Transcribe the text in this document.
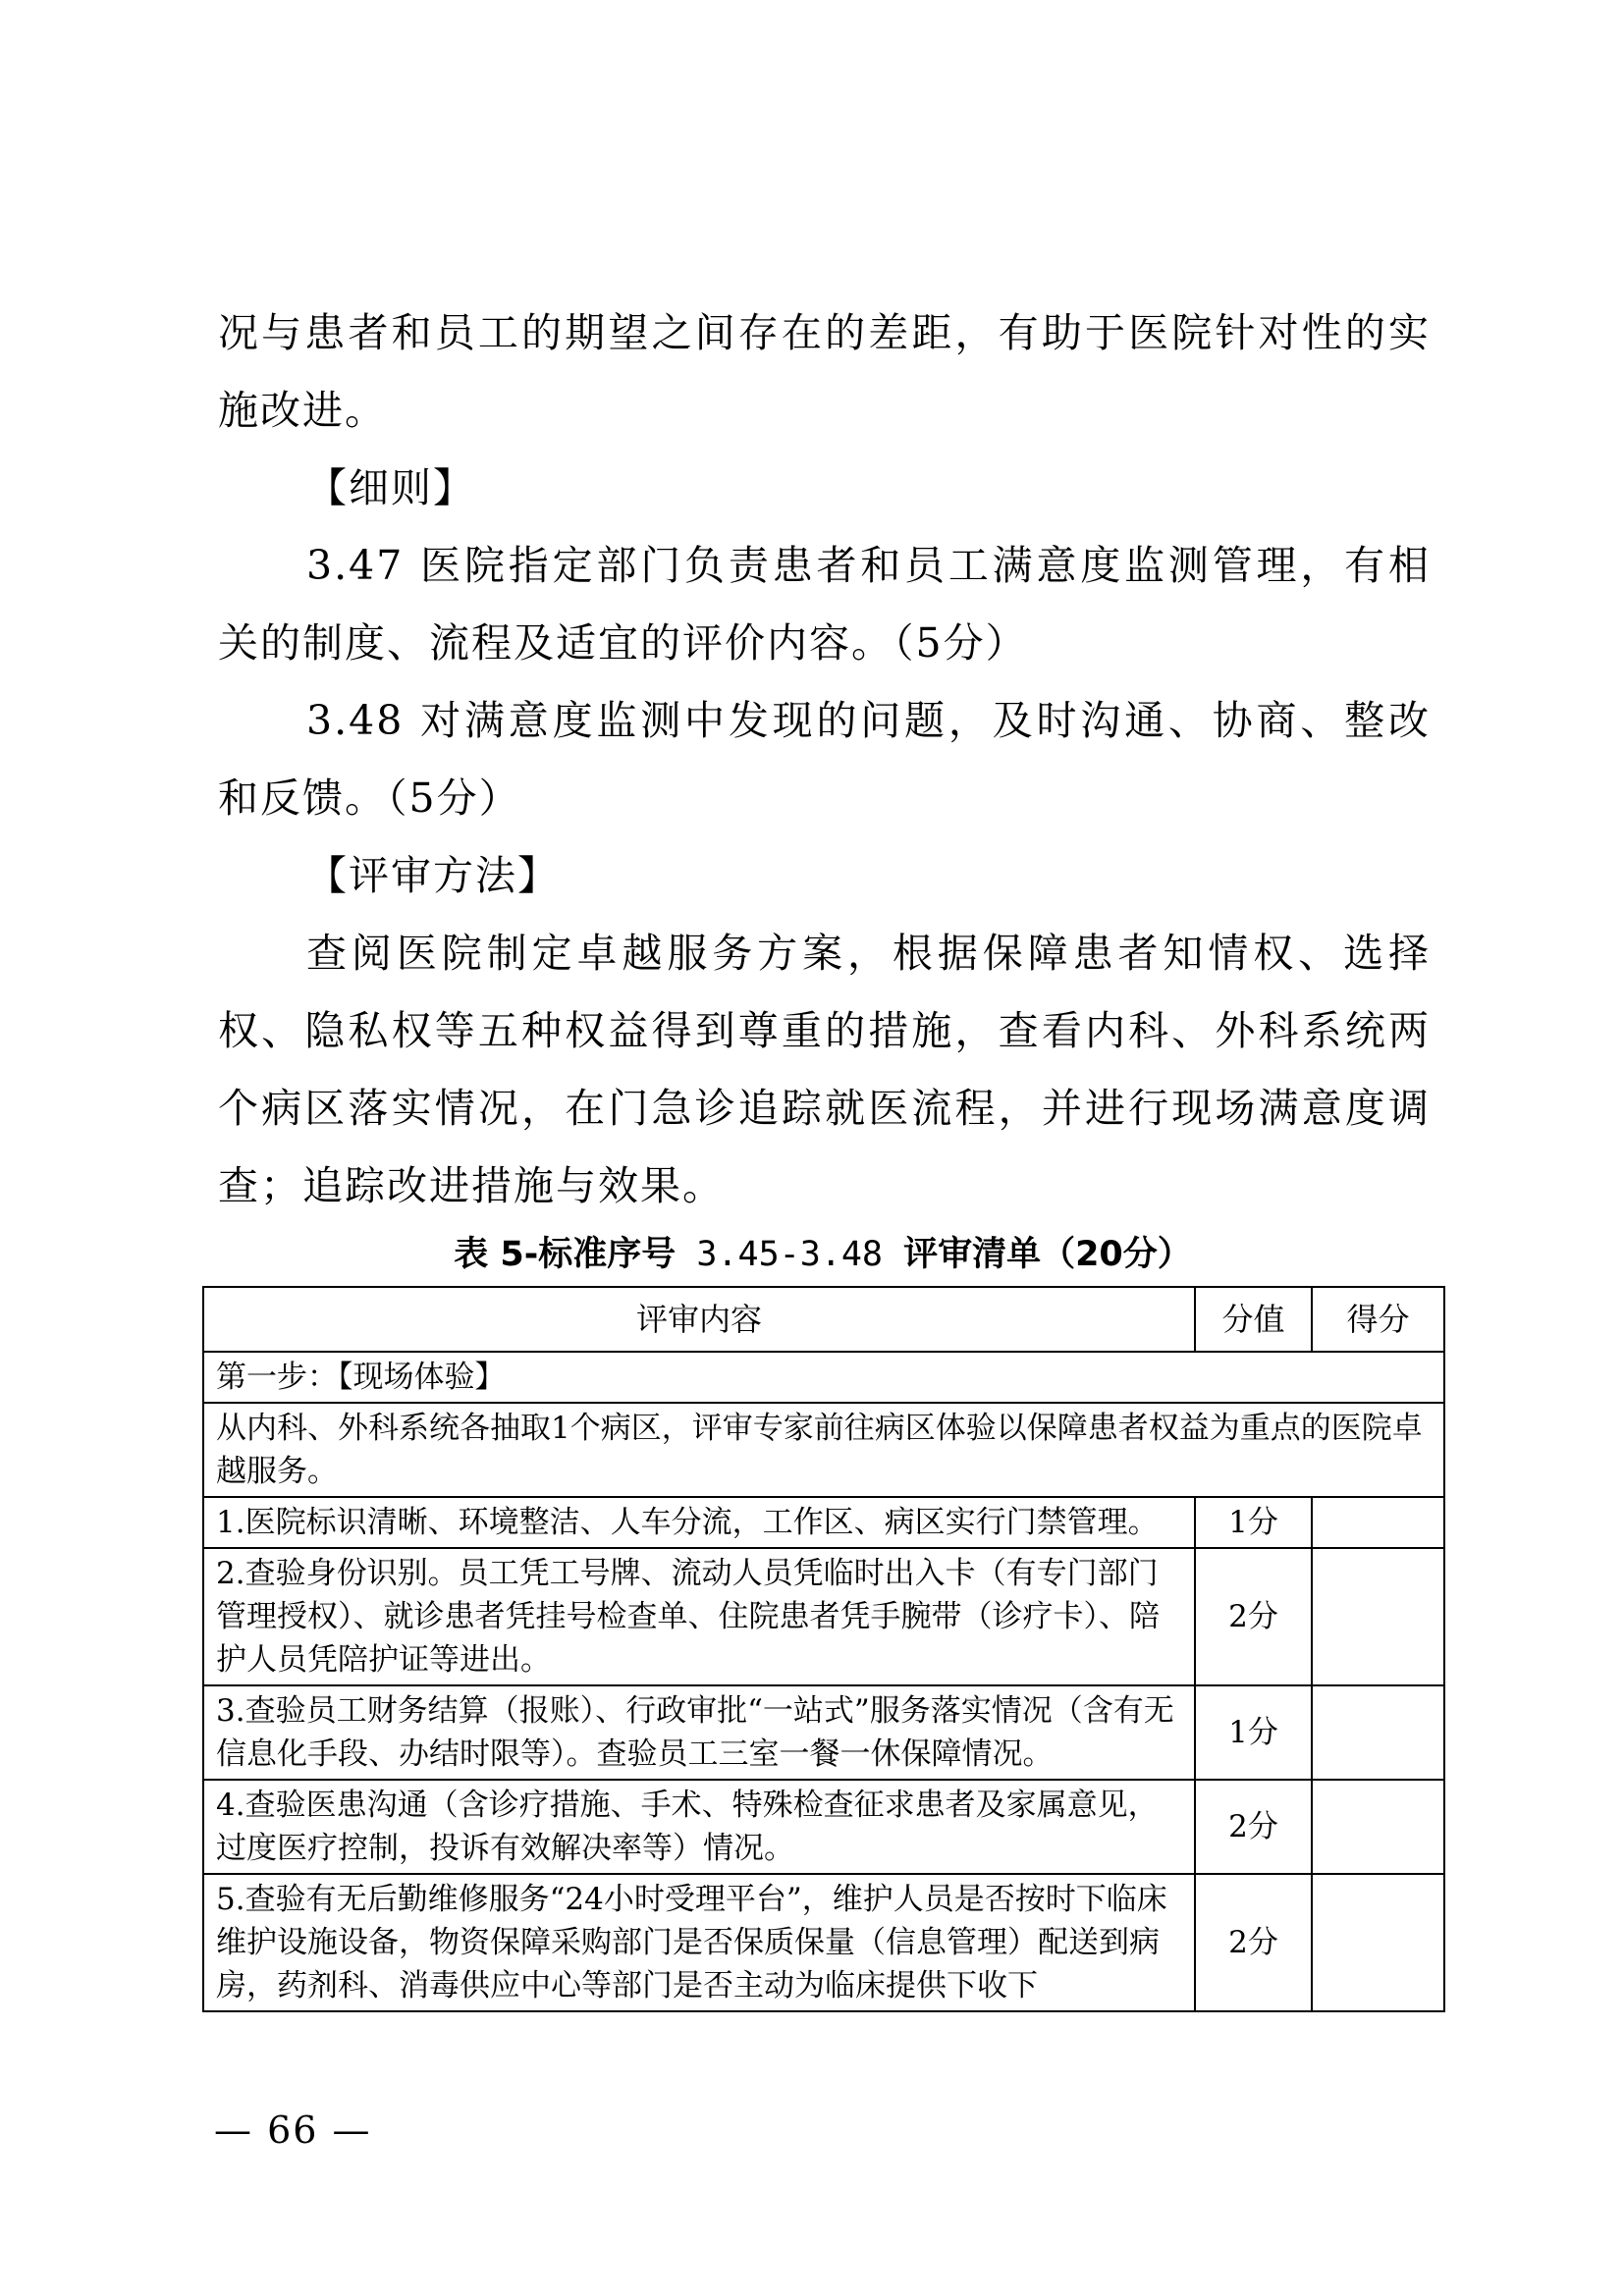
况与患者和员工的期望之间存在的差距，有助于医院针对性的实施改进。

【细则】

3.47 医院指定部门负责患者和员工满意度监测管理，有相关的制度、流程及适宜的评价内容。（5分）

3.48 对满意度监测中发现的问题，及时沟通、协商、整改和反馈。（5分）

【评审方法】

查阅医院制定卓越服务方案，根据保障患者知情权、选择权、隐私权等五种权益得到尊重的措施，查看内科、外科系统两个病区落实情况，在门急诊追踪就医流程，并进行现场满意度调查；追踪改进措施与效果。

表 5-标准序号 3.45-3.48 评审清单（20分）
评审内容	分值	得分
第一步：【现场体验】		
从内科、外科系统各抽取1个病区，评审专家前往病区体验以保障患者权益为重点的医院卓越服务。		
1.医院标识清晰、环境整洁、人车分流，工作区、病区实行门禁管理。	1分	
2.查验身份识别。员工凭工号牌、流动人员凭临时出入卡（有专门部门管理授权）、就诊患者凭挂号检查单、住院患者凭手腕带（诊疗卡）、陪护人员凭陪护证等进出。	2分	
3.查验员工财务结算（报账）、行政审批“一站式”服务落实情况（含有无信息化手段、办结时限等）。查验员工三室一餐一休保障情况。	1分	
4.查验医患沟通（含诊疗措施、手术、特殊检查征求患者及家属意见，过度医疗控制，投诉有效解决率等）情况。	2分	
5.查验有无后勤维修服务“24小时受理平台”，维护人员是否按时下临床维护设施设备，物资保障采购部门是否保质保量（信息管理）配送到病房，药剂科、消毒供应中心等部门是否主动为临床提供下收下	2分	
— 66 —
